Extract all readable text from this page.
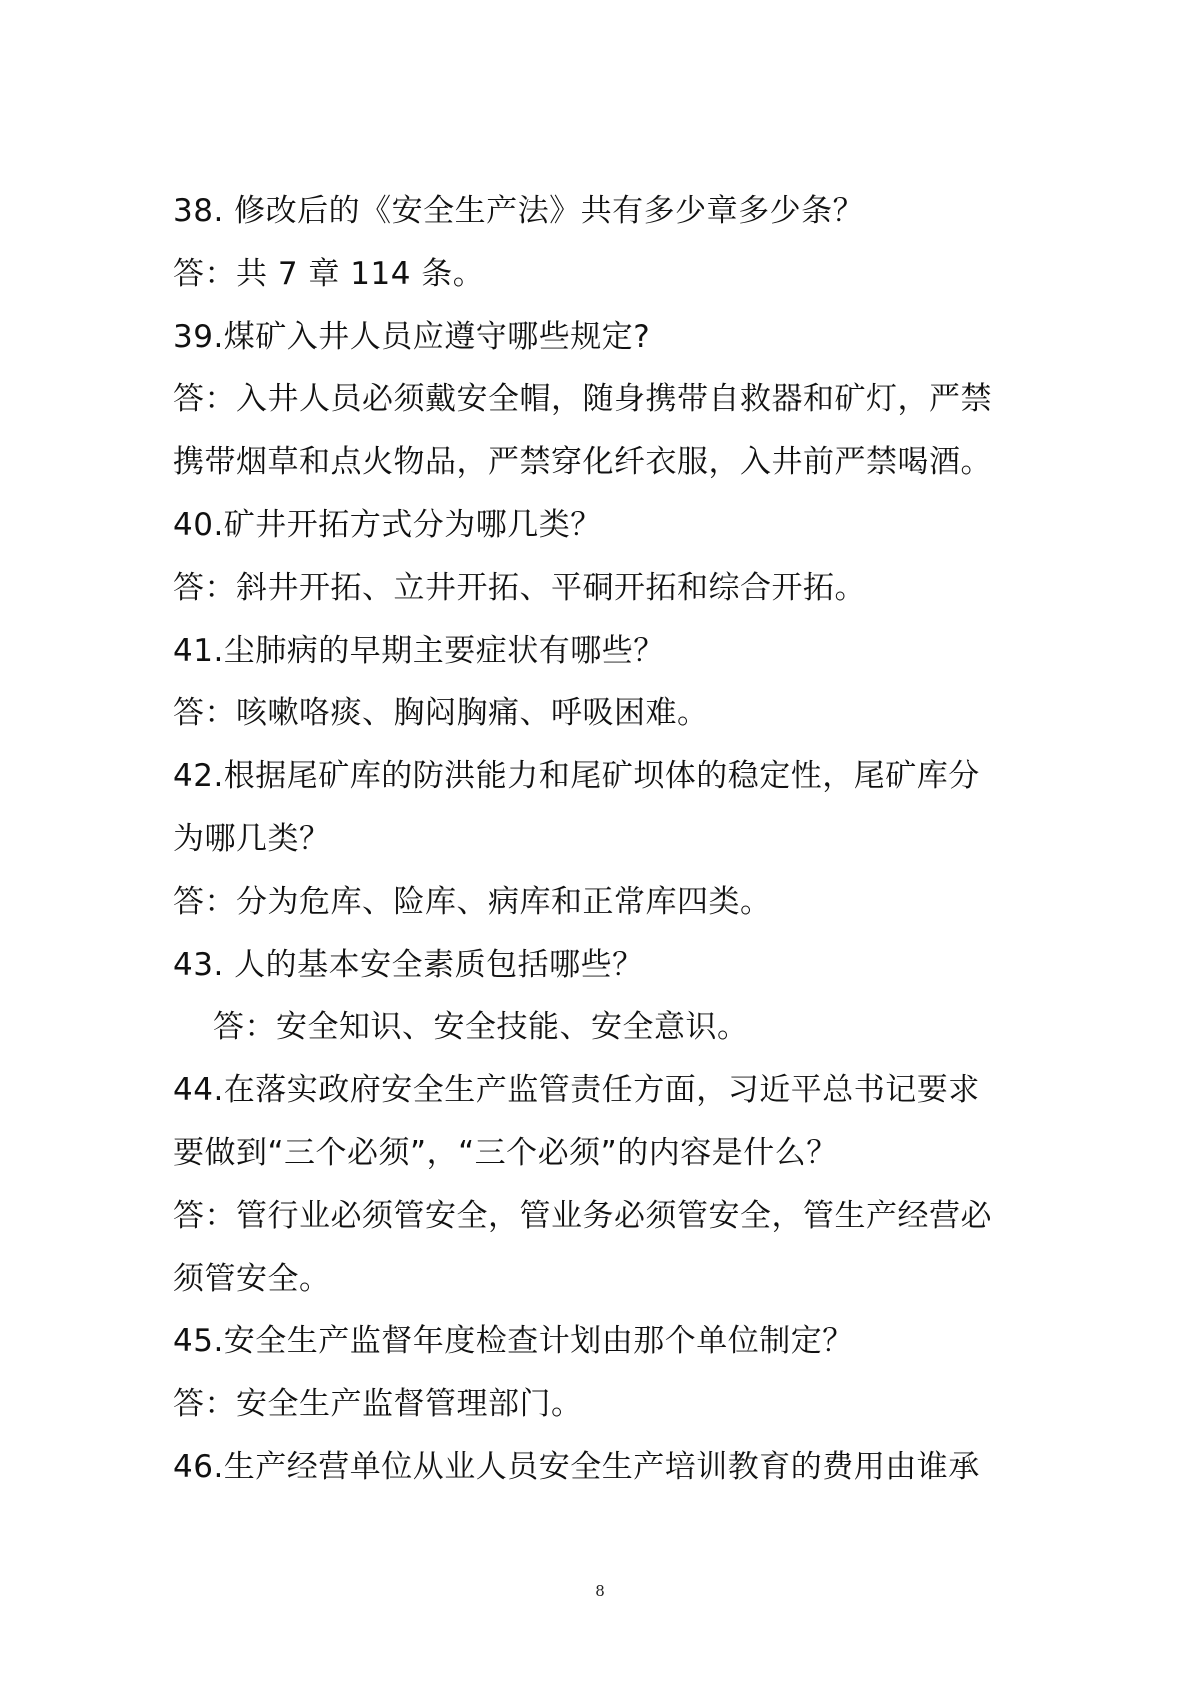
38. 修改后的《安全生产法》共有多少章多少条？
答：共 7 章 114 条。
39.煤矿入井人员应遵守哪些规定?
答：入井人员必须戴安全帽，随身携带自救器和矿灯，严禁
携带烟草和点火物品，严禁穿化纤衣服，入井前严禁喝酒。
40.矿井开拓方式分为哪几类？
答：斜井开拓、立井开拓、平硐开拓和综合开拓。
41.尘肺病的早期主要症状有哪些？
答：咳嗽咯痰、胸闷胸痛、呼吸困难。
42.根据尾矿库的防洪能力和尾矿坝体的稳定性，尾矿库分
为哪几类？
答：分为危库、险库、病库和正常库四类。
43. 人的基本安全素质包括哪些？
答：安全知识、安全技能、安全意识。
44.在落实政府安全生产监管责任方面，习近平总书记要求
要做到“三个必须”，“三个必须”的内容是什么？
答：管行业必须管安全，管业务必须管安全，管生产经营必
须管安全。
45.安全生产监督年度检查计划由那个单位制定？
答：安全生产监督管理部门。
46.生产经营单位从业人员安全生产培训教育的费用由谁承
8
